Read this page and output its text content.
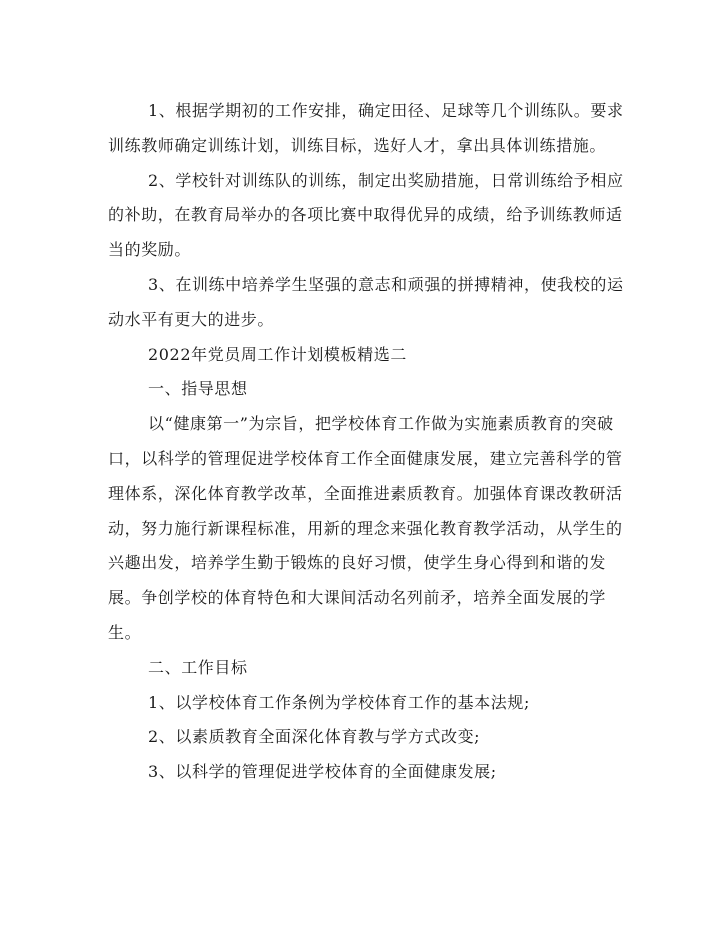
1、根据学期初的工作安排，确定田径、足球等几个训练队。要求训练教师确定训练计划，训练目标，选好人才，拿出具体训练措施。

2、学校针对训练队的训练，制定出奖励措施，日常训练给予相应的补助，在教育局举办的各项比赛中取得优异的成绩，给予训练教师适当的奖励。

3、在训练中培养学生坚强的意志和顽强的拼搏精神，使我校的运动水平有更大的进步。

2022年党员周工作计划模板精选二

一、指导思想

以“健康第一”为宗旨，把学校体育工作做为实施素质教育的突破口，以科学的管理促进学校体育工作全面健康发展，建立完善科学的管理体系，深化体育教学改革，全面推进素质教育。加强体育课改教研活动，努力施行新课程标准，用新的理念来强化教育教学活动，从学生的兴趣出发，培养学生勤于锻炼的良好习惯，使学生身心得到和谐的发展。争创学校的体育特色和大课间活动名列前矛，培养全面发展的学生。

二、工作目标

1、以学校体育工作条例为学校体育工作的基本法规;

2、以素质教育全面深化体育教与学方式改变;

3、以科学的管理促进学校体育的全面健康发展;
